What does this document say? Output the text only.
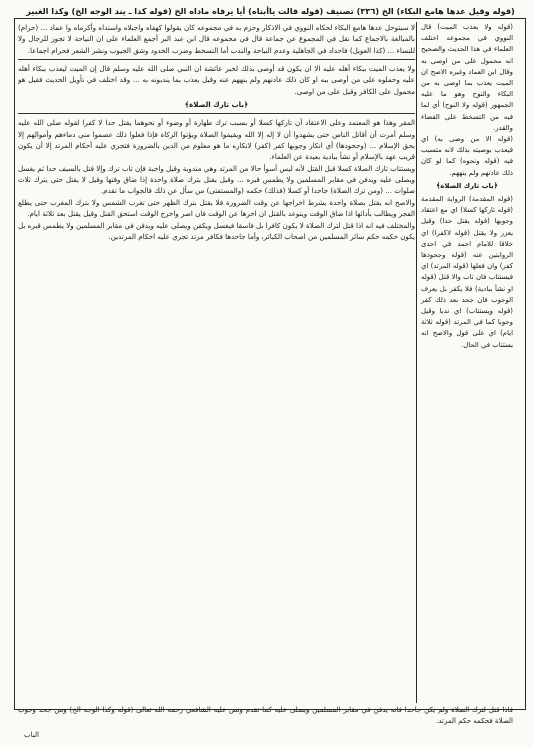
(قوله وقيل عدها هامع البكاء) الخ (٣٣٦) تصنيف (قوله قالت ياأبتاه) أيا يرفاه ماداه الخ (قوله كذا ـ يند الوجه الخ) وكذا الغبير

(قوله ولا يعذب الميت) قال النووي في مجموعه اختلف العلماء في هذا الحديث والصحيح انه محمول على من اوصى به وقال ابن العماد وغيره الاصح ان الميت يعذب بما اوصى به من البكاء والنوح وهو ما عليه الجمهور (قوله ولا النوح) أي لما فيه من التسخط على القضاء والقدر.

(قوله الا من وصى به) اي فيعذب بوصيته بذلك لانه متسبب فيه (قوله ونحوه) كما لو كان ذلك عادتهم ولم ينههم.

﴿باب تارك الصلاة﴾

(قوله المقدمة) الرواية المقدمة (قوله تاركها كسلا) اي مع اعتقاد وجوبها (قوله يقتل حدا) وقيل يعزر ولا يقتل (قوله لاكفرا) اي خلافا للامام احمد في احدى الروايتين عنه (قوله وجحودها كفر) وان فعلها (قوله المرتد) اي فيستتاب فان تاب والا قتل (قوله او نشأ ببادية) فلا يكفر بل يعرف الوجوب فان جحد بعد ذلك كفر (قوله ويستتاب) اي ندبا وقيل وجوبا كما في المرتد (قوله ثلاثة ايام) اي على قول والاصح انه يستتاب في الحال.

لا سيتوحل عدها هامع البكاء لحكاه النووي في الاذكار وجزم به في مجموعه كان يقولوا كهفاه واجبلاه واسنداه وأكرماه وا عماد ... (حرام) بالمبالغة بالاجماع كما نقل في المجموع عن جماعة قال في مجموعه قال ابن عبد البر أجمع العلماء على ان النياحة لا تجوز للرجال ولا للنساء ... (كذا العويل) فاحداد في الجاهلية وعدم النياحة والندب أما التسخط وضرب الخدود وشق الجيوب ونشر الشعر فحرام اجماعا.

ولا يعذب الميت ببكاء أهله عليه الا ان يكون قد أوصى بذلك لخبر عائشة ان النبي صلى الله عليه وسلم قال إن الميت ليعذب ببكاء أهله عليه وحملوه على من أوصى ببه او كان ذلك عادتهم ولم ينههم عنه وقيل يعذب بما يندبونه به ... وقد اختلف في تأويل الحديث فقيل هو محمول على الكافر وقيل على من اوصى.

﴿باب تارك الصلاة﴾

المقر وهذا هو المعتمد وعلى الاعتقاد أن تاركها كسلا أو بسبب ترك طهارة أو وضوء أو نحوهما يقتل حدا لا كفرا لقوله صلى الله عليه وسلم أمرت أن أقاتل الناس حتى يشهدوا أن لا إله إلا الله ويقيموا الصلاة ويؤتوا الزكاة فإذا فعلوا ذلك عصموا مني دماءهم وأموالهم إلا بحق الإسلام ... (وجحودها) أي انكار وجوبها كفر (كفر) لانكاره ما هو معلوم من الدين بالضرورة فتجري عليه أحكام المرتد إلا أن يكون قريب عهد بالإسلام أو نشأ ببادية بعيدة عن العلماء.

ويستتاب تارك الصلاة كسلا قبل القتل لأنه ليس أسوأ حالا من المرتد وهي مندوبة وقيل واجبة فإن تاب ترك وإلا قتل بالسيف حدا ثم يغسل ويصلى عليه ويدفن في مقابر المسلمين ولا يطمس قبره ... وقيل يقتل بترك صلاة واحدة إذا ضاق وقتها وقيل لا يقتل حتى يترك ثلاث صلوات ... (ومن ترك الصلاة) جاحدا أو كسلا (فذلك) حكمه (والمستفتى) من سأل عن ذلك فالجواب ما تقدم.

والاصح انه يقتل بصلاة واحدة بشرط اخراجها عن وقت الضرورة فلا يقتل بترك الظهر حتى تغرب الشمس ولا بترك المغرب حتى يطلع الفجر ويطالب بأدائها اذا ضاق الوقت ويتوعد بالقتل ان اخرها عن الوقت فان اصر واخرج الوقت استحق القتل وقيل يقتل بعد ثلاثة ايام.

والمختلف فيه انه اذا قتل لترك الصلاة لا يكون كافرا بل فاسقا فيغسل ويكفن ويصلى عليه ويدفن في مقابر المسلمين ولا يطمس قبره بل يكون حكمه حكم سائر المسلمين من اصحاب الكبائر، وأما جاحدها فكافر مرتد تجري عليه احكام المرتدين.

فاذا قتل لترك الصلاة ولم يكن جاحدا فانه يدفن في مقابر المسلمين ويصلى عليه كما تقدم ونص عليه الشافعي رحمه الله تعالى (قوله وكذا الوجه الخ) ومن جحد وجوب الصلاة فحكمه حكم المرتد.
الباب
